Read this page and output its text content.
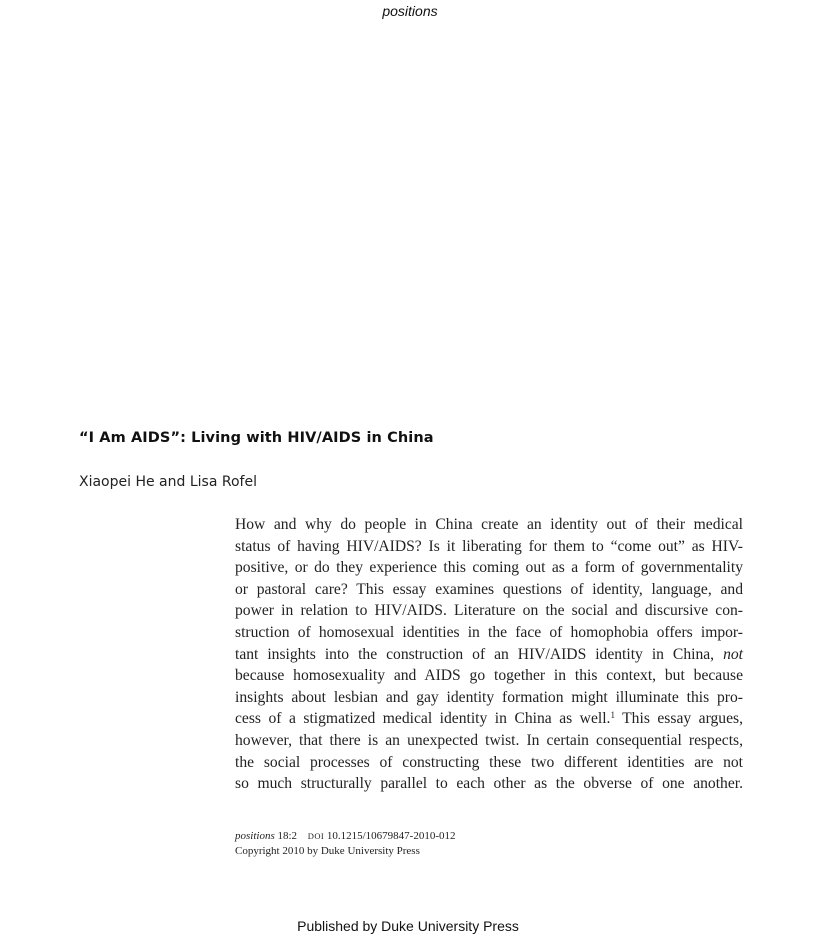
positions
“I Am AIDS”: Living with HIV/AIDS in China
Xiaopei He and Lisa Rofel
How and why do people in China create an identity out of their medical
status of having HIV/AIDS? Is it liberating for them to “come out” as HIV-
positive, or do they experience this coming out as a form of governmentality
or pastoral care? This essay examines questions of identity, language, and
power in relation to HIV/AIDS. Literature on the social and discursive con-
struction of homosexual identities in the face of homophobia offers impor-
tant insights into the construction of an HIV/AIDS identity in China, not
because homosexuality and AIDS go together in this context, but because
insights about lesbian and gay identity formation might illuminate this pro-
cess of a stigmatized medical identity in China as well.$^1$ This essay argues,
however, that there is an unexpected twist. In certain consequential respects,
the social processes of constructing these two different identities are not
so much structurally parallel to each other as the obverse of one another.
positions 18:2 DOI 10.1215/10679847-2010-012
Copyright 2010 by Duke University Press
Published by Duke University Press
